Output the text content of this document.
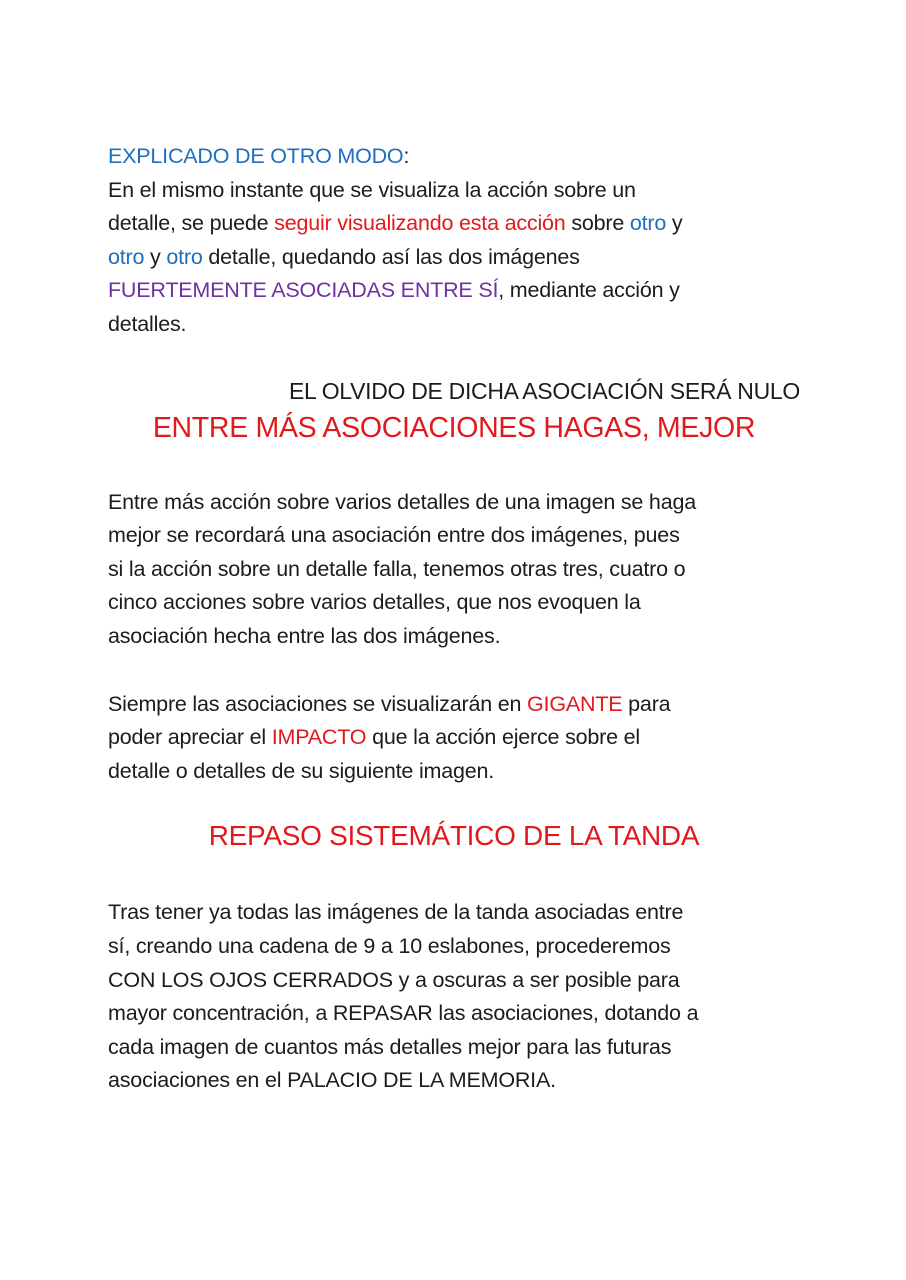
EXPLICADO DE OTRO MODO:
En el mismo instante que se visualiza la acción sobre un
detalle, se puede seguir visualizando esta acción sobre otro y
otro y otro detalle, quedando así las dos imágenes
FUERTEMENTE ASOCIADAS ENTRE SÍ, mediante acción y
detalles.
EL OLVIDO DE DICHA ASOCIACIÓN SERÁ NULO
ENTRE MÁS ASOCIACIONES HAGAS, MEJOR
Entre más acción sobre varios detalles de una imagen se haga
mejor se recordará una asociación entre dos imágenes, pues
si la acción sobre un detalle falla, tenemos otras tres, cuatro o
cinco acciones sobre varios detalles, que nos evoquen la
asociación hecha entre las dos imágenes.
Siempre las asociaciones se visualizarán en GIGANTE para
poder apreciar el IMPACTO que la acción ejerce sobre el
detalle o detalles de su siguiente imagen.
REPASO SISTEMÁTICO DE LA TANDA
Tras tener ya todas las imágenes de la tanda asociadas entre
sí, creando una cadena de 9 a 10 eslabones, procederemos
CON LOS OJOS CERRADOS y a oscuras a ser posible para
mayor concentración, a REPASAR las asociaciones, dotando a
cada imagen de cuantos más detalles mejor para las futuras
asociaciones en el PALACIO DE LA MEMORIA.
